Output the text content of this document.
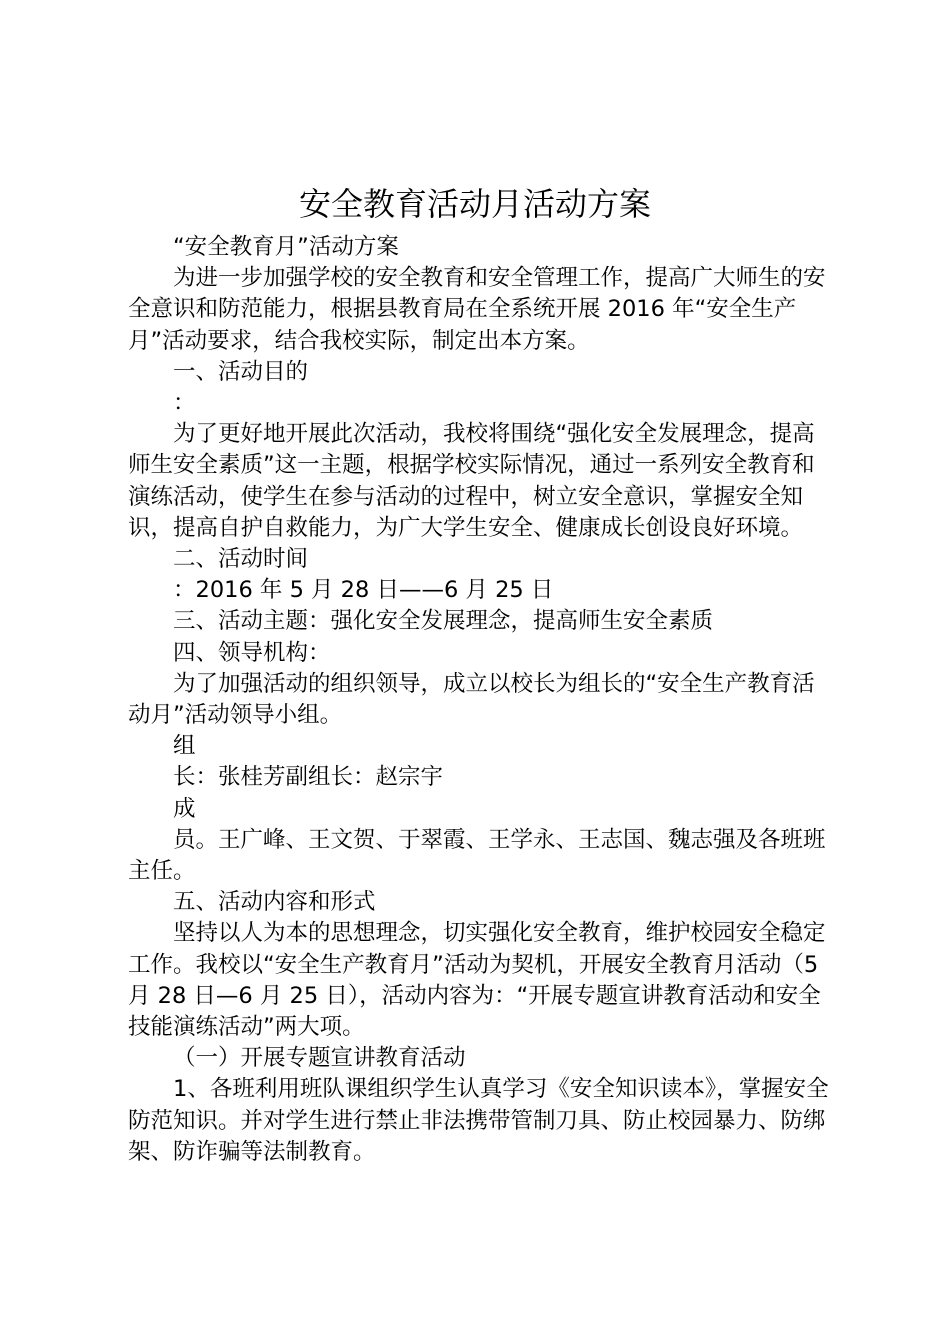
安全教育活动月活动方案

“安全教育月”活动方案

为进一步加强学校的安全教育和安全管理工作，提高广大师生的安全意识和防范能力，根据县教育局在全系统开展 2016 年“安全生产月”活动要求，结合我校实际，制定出本方案。

一、活动目的

：

为了更好地开展此次活动，我校将围绕“强化安全发展理念，提高师生安全素质”这一主题，根据学校实际情况，通过一系列安全教育和演练活动，使学生在参与活动的过程中，树立安全意识，掌握安全知识，提高自护自救能力，为广大学生安全、健康成长创设良好环境。

二、活动时间

：2016 年 5 月 28 日——6 月 25 日

三、活动主题：强化安全发展理念，提高师生安全素质

四、领导机构：

为了加强活动的组织领导，成立以校长为组长的“安全生产教育活动月”活动领导小组。

组

长：张桂芳副组长：赵宗宇

成

员。王广峰、王文贺、于翠霞、王学永、王志国、魏志强及各班班主任。

五、活动内容和形式

坚持以人为本的思想理念，切实强化安全教育，维护校园安全稳定工作。我校以“安全生产教育月”活动为契机，开展安全教育月活动（5 月 28 日—6 月 25 日），活动内容为：“开展专题宣讲教育活动和安全技能演练活动”两大项。

（一）开展专题宣讲教育活动

1、各班利用班队课组织学生认真学习《安全知识读本》，掌握安全防范知识。并对学生进行禁止非法携带管制刀具、防止校园暴力、防绑架、防诈骗等法制教育。
